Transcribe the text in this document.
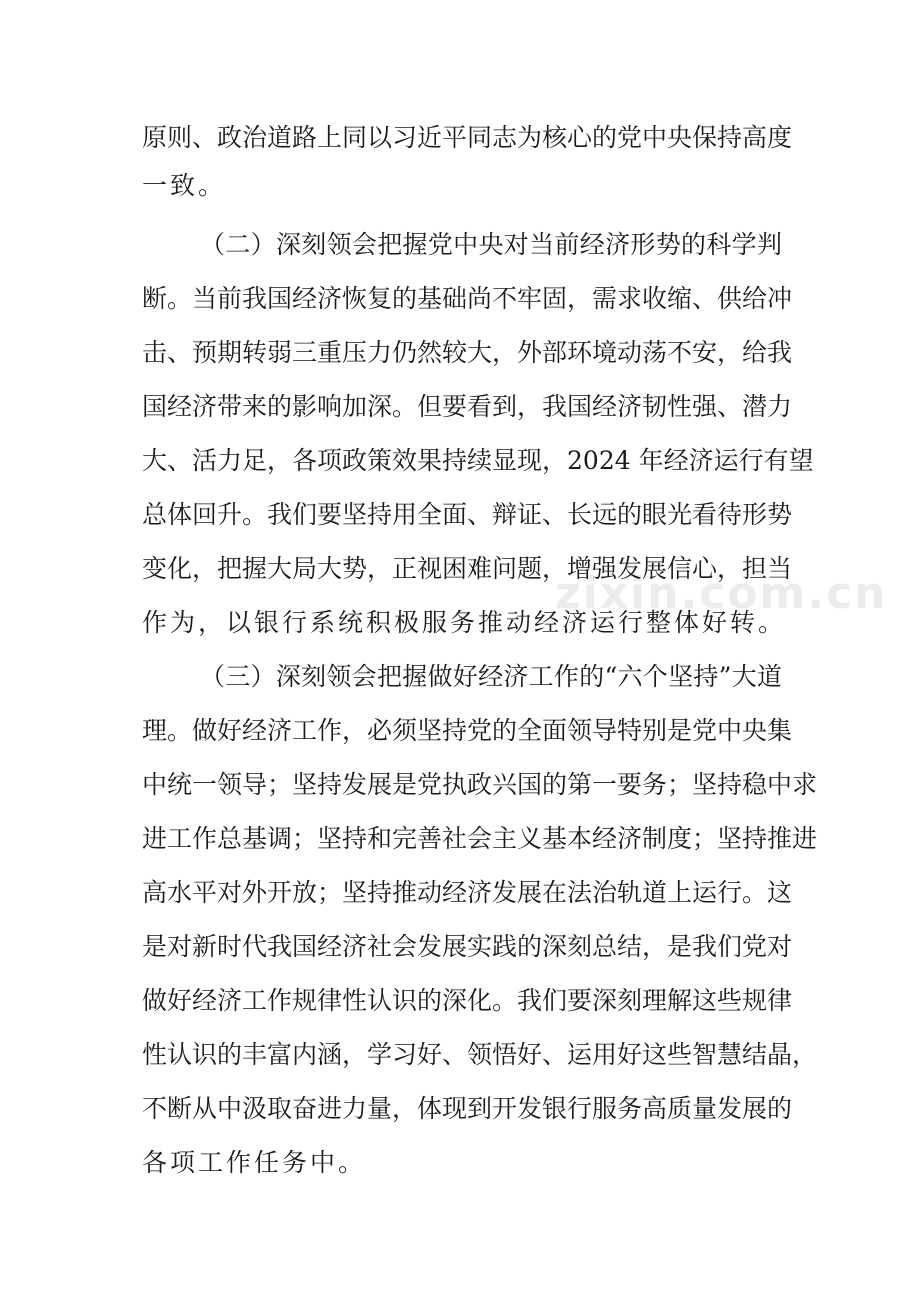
zixin.com.cn

原则、政治道路上同以习近平同志为核心的党中央保持高度

一致。

（二）深刻领会把握党中央对当前经济形势的科学判

断。当前我国经济恢复的基础尚不牢固，需求收缩、供给冲

击、预期转弱三重压力仍然较大，外部环境动荡不安，给我

国经济带来的影响加深。但要看到，我国经济韧性强、潜力

大、活力足，各项政策效果持续显现，2024 年经济运行有望

总体回升。我们要坚持用全面、辩证、长远的眼光看待形势

变化，把握大局大势，正视困难问题，增强发展信心，担当

作为，以银行系统积极服务推动经济运行整体好转。

（三）深刻领会把握做好经济工作的“六个坚持”大道

理。做好经济工作，必须坚持党的全面领导特别是党中央集

中统一领导；坚持发展是党执政兴国的第一要务；坚持稳中求

进工作总基调；坚持和完善社会主义基本经济制度；坚持推进

高水平对外开放；坚持推动经济发展在法治轨道上运行。这

是对新时代我国经济社会发展实践的深刻总结，是我们党对

做好经济工作规律性认识的深化。我们要深刻理解这些规律

性认识的丰富内涵，学习好、领悟好、运用好这些智慧结晶，

不断从中汲取奋进力量，体现到开发银行服务高质量发展的

各项工作任务中。
